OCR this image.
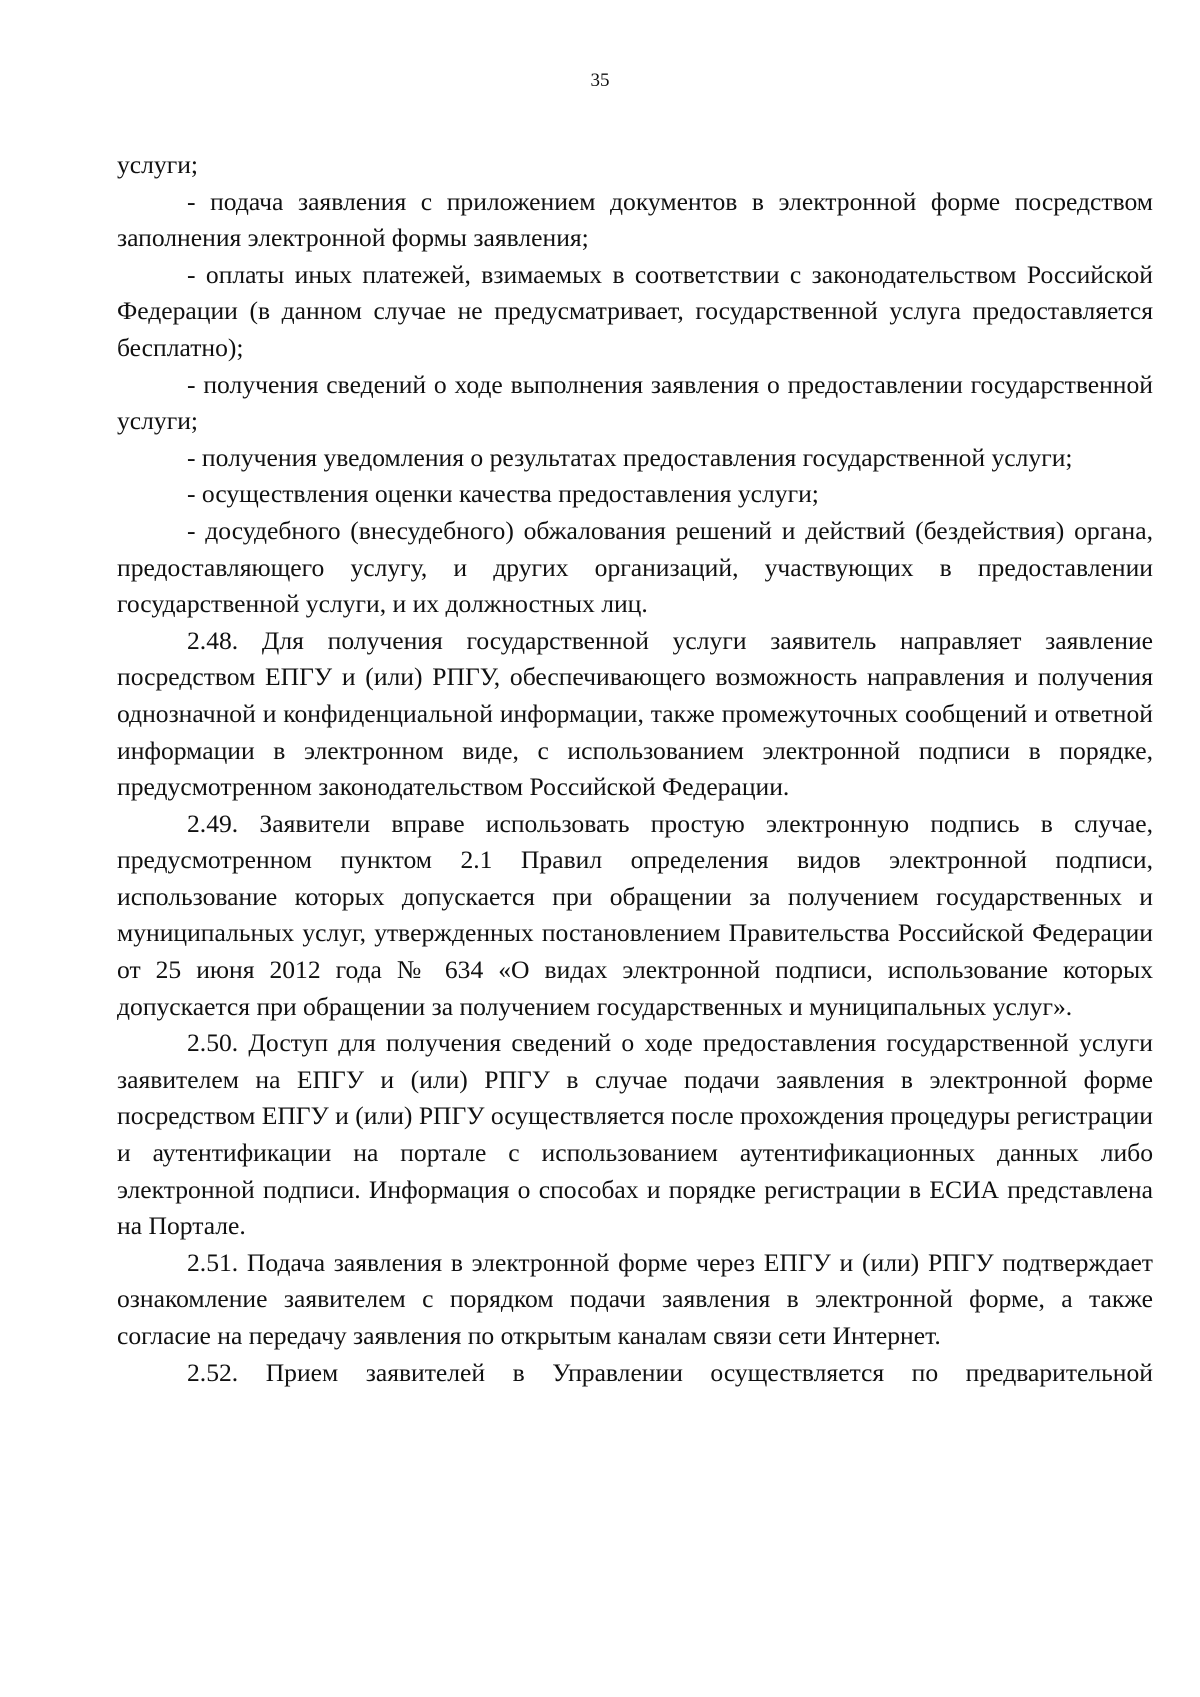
35

услуги;

- подача заявления с приложением документов в электронной форме посредством заполнения электронной формы заявления;

- оплаты иных платежей, взимаемых в соответствии с законодательством Российской Федерации (в данном случае не предусматривает, государственной услуга предоставляется бесплатно);

- получения сведений о ходе выполнения заявления о предоставлении государственной услуги;

- получения уведомления о результатах предоставления государственной услуги;

- осуществления оценки качества предоставления услуги;

- досудебного (внесудебного) обжалования решений и действий (бездействия) органа, предоставляющего услугу, и других организаций, участвующих в предоставлении государственной услуги, и их должностных лиц.

2.48. Для получения государственной услуги заявитель направляет заявление посредством ЕПГУ и (или) РПГУ, обеспечивающего возможность направления и получения однозначной и конфиденциальной информации, также промежуточных сообщений и ответной информации в электронном виде, с использованием электронной подписи в порядке, предусмотренном законодательством Российской Федерации.

2.49. Заявители вправе использовать простую электронную подпись в случае, предусмотренном пунктом 2.1 Правил определения видов электронной подписи, использование которых допускается при обращении за получением государственных и муниципальных услуг, утвержденных постановлением Правительства Российской Федерации от 25 июня 2012 года № 634 «О видах электронной подписи, использование которых допускается при обращении за получением государственных и муниципальных услуг».

2.50. Доступ для получения сведений о ходе предоставления государственной услуги заявителем на ЕПГУ и (или) РПГУ в случае подачи заявления в электронной форме посредством ЕПГУ и (или) РПГУ осуществляется после прохождения процедуры регистрации и аутентификации на портале с использованием аутентификационных данных либо электронной подписи. Информация о способах и порядке регистрации в ЕСИА представлена на Портале.

2.51. Подача заявления в электронной форме через ЕПГУ и (или) РПГУ подтверждает ознакомление заявителем с порядком подачи заявления в электронной форме, а также согласие на передачу заявления по открытым каналам связи сети Интернет.

2.52. Прием заявителей в Управлении осуществляется по предварительной
